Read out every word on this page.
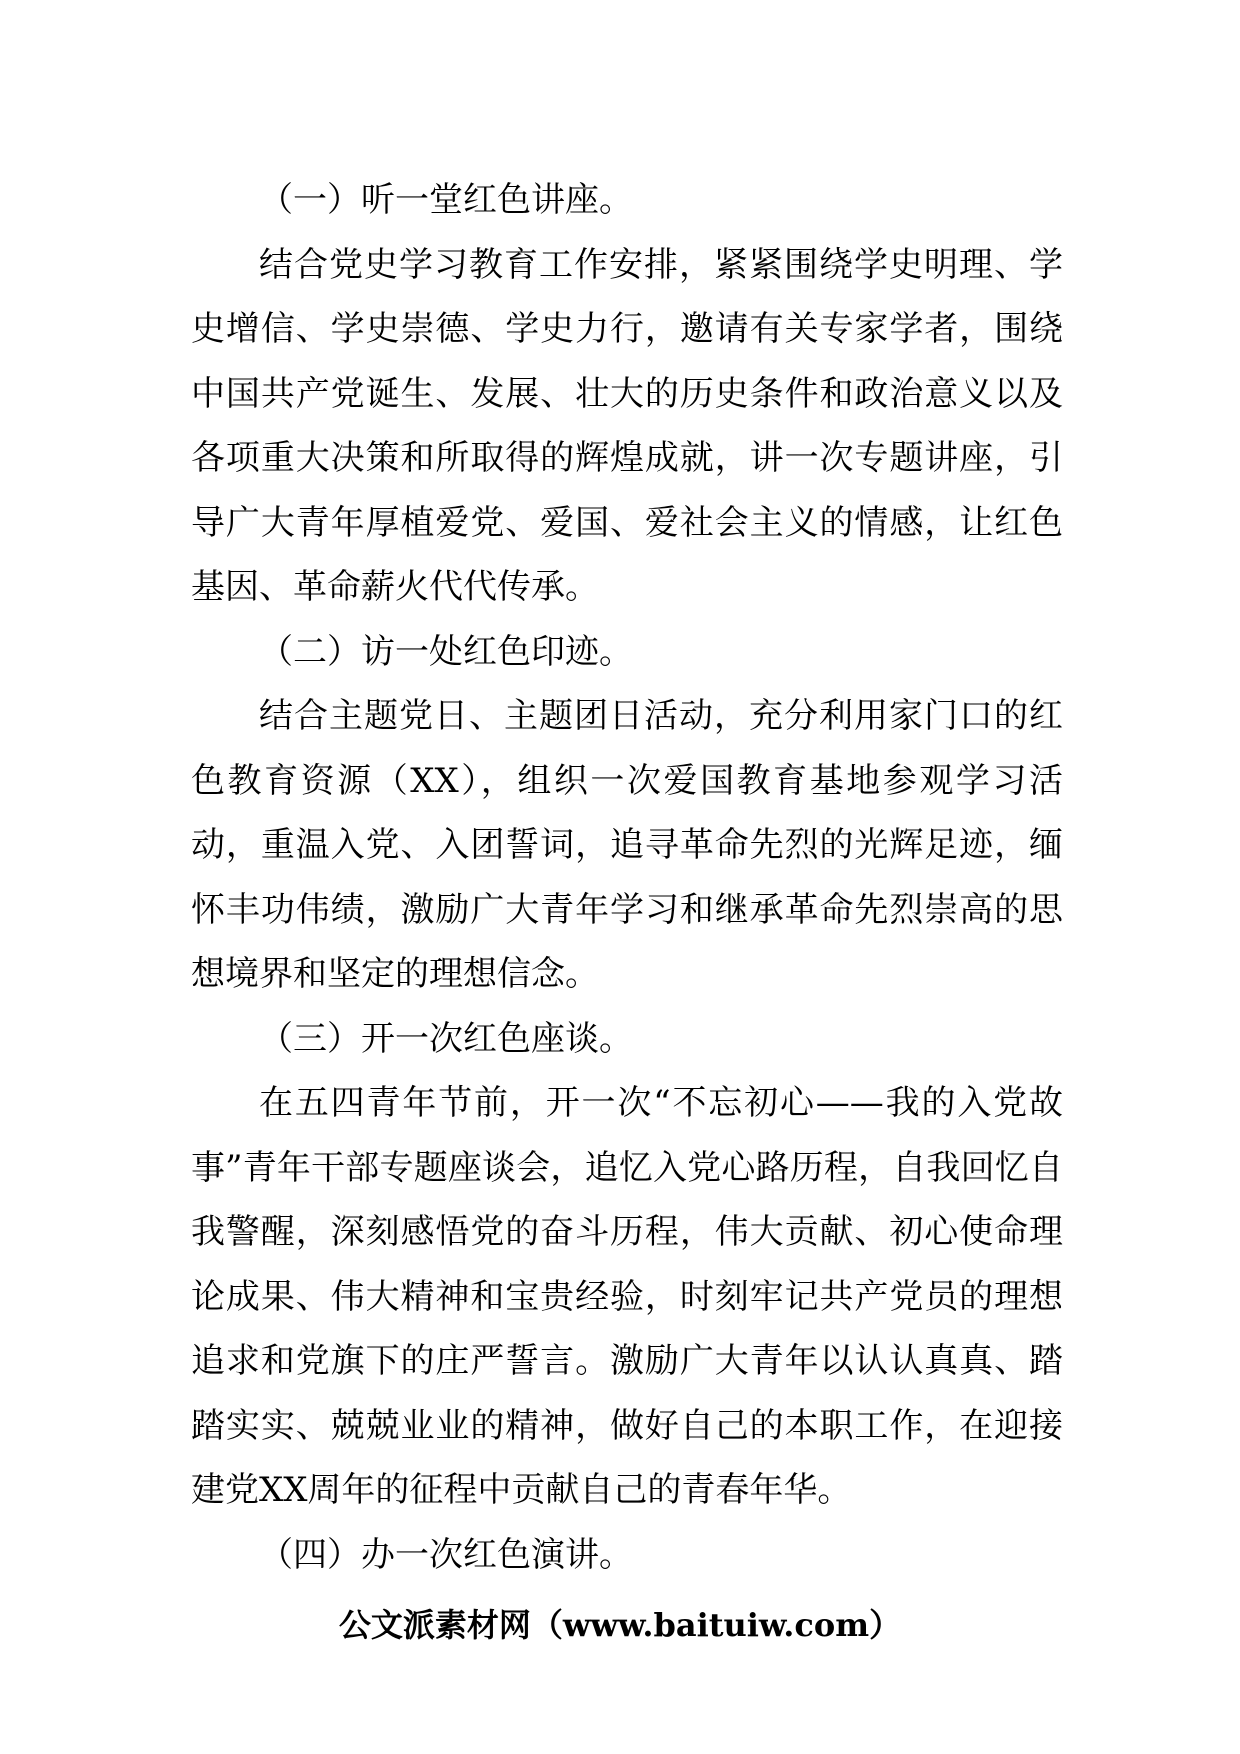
（一）听一堂红色讲座。

结合党史学习教育工作安排，紧紧围绕学史明理、学史增信、学史崇德、学史力行，邀请有关专家学者，围绕中国共产党诞生、发展、壮大的历史条件和政治意义以及各项重大决策和所取得的辉煌成就，讲一次专题讲座，引导广大青年厚植爱党、爱国、爱社会主义的情感，让红色基因、革命薪火代代传承。

（二）访一处红色印迹。

结合主题党日、主题团日活动，充分利用家门口的红色教育资源（XX），组织一次爱国教育基地参观学习活动，重温入党、入团誓词，追寻革命先烈的光辉足迹，缅怀丰功伟绩，激励广大青年学习和继承革命先烈崇高的思想境界和坚定的理想信念。

（三）开一次红色座谈。

在五四青年节前，开一次“不忘初心——我的入党故事”青年干部专题座谈会，追忆入党心路历程，自我回忆自我警醒，深刻感悟党的奋斗历程，伟大贡献、初心使命理论成果、伟大精神和宝贵经验，时刻牢记共产党员的理想追求和党旗下的庄严誓言。激励广大青年以认认真真、踏踏实实、兢兢业业的精神，做好自己的本职工作，在迎接建党XX周年的征程中贡献自己的青春年华。

（四）办一次红色演讲。

公文派素材网（www.baituiw.com）
